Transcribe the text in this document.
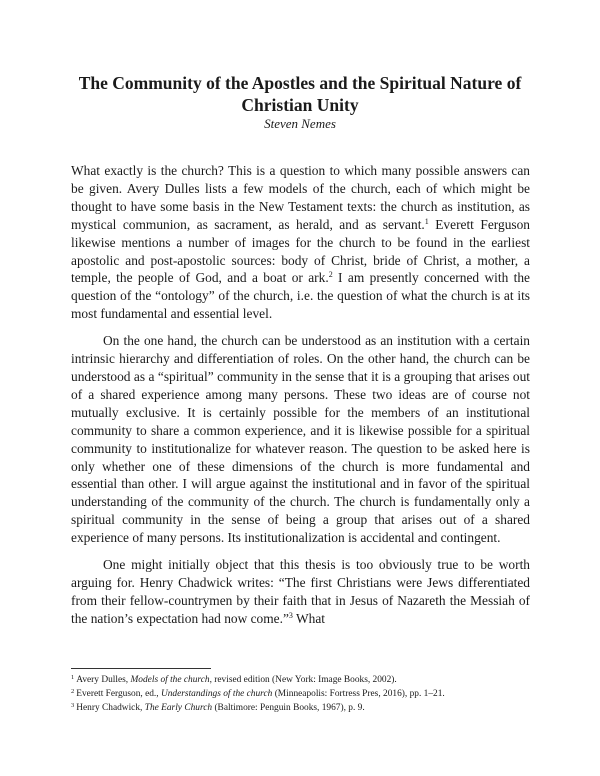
The Community of the Apostles and the Spiritual Nature of Christian Unity
Steven Nemes

What exactly is the church? This is a question to which many possible answers can be given. Avery Dulles lists a few models of the church, each of which might be thought to have some basis in the New Testament texts: the church as institution, as mystical communion, as sacrament, as herald, and as servant.$^1$ Everett Ferguson likewise mentions a number of images for the church to be found in the earliest apostolic and post-apostolic sources: body of Christ, bride of Christ, a mother, a temple, the people of God, and a boat or ark.$^2$ I am presently concerned with the question of the “ontology” of the church, i.e. the question of what the church is at its most fundamental and essential level.

On the one hand, the church can be understood as an institution with a certain intrinsic hierarchy and differentiation of roles. On the other hand, the church can be understood as a “spiritual” community in the sense that it is a grouping that arises out of a shared experience among many persons. These two ideas are of course not mutually exclusive. It is certainly possible for the members of an institutional community to share a common experience, and it is likewise possible for a spiritual community to institutionalize for whatever reason. The question to be asked here is only whether one of these dimensions of the church is more fundamental and essential than other. I will argue against the institutional and in favor of the spiritual understanding of the community of the church. The church is fundamentally only a spiritual community in the sense of being a group that arises out of a shared experience of many persons. Its institutionalization is accidental and contingent.

One might initially object that this thesis is too obviously true to be worth arguing for. Henry Chadwick writes: “The first Christians were Jews differentiated from their fellow-countrymen by their faith that in Jesus of Nazareth the Messiah of the nation’s expectation had now come.”$^3$ What

$^1$ Avery Dulles, Models of the church, revised edition (New York: Image Books, 2002).
$^2$ Everett Ferguson, ed., Understandings of the church (Minneapolis: Fortress Pres, 2016), pp. 1–21.
$^3$ Henry Chadwick, The Early Church (Baltimore: Penguin Books, 1967), p. 9.
